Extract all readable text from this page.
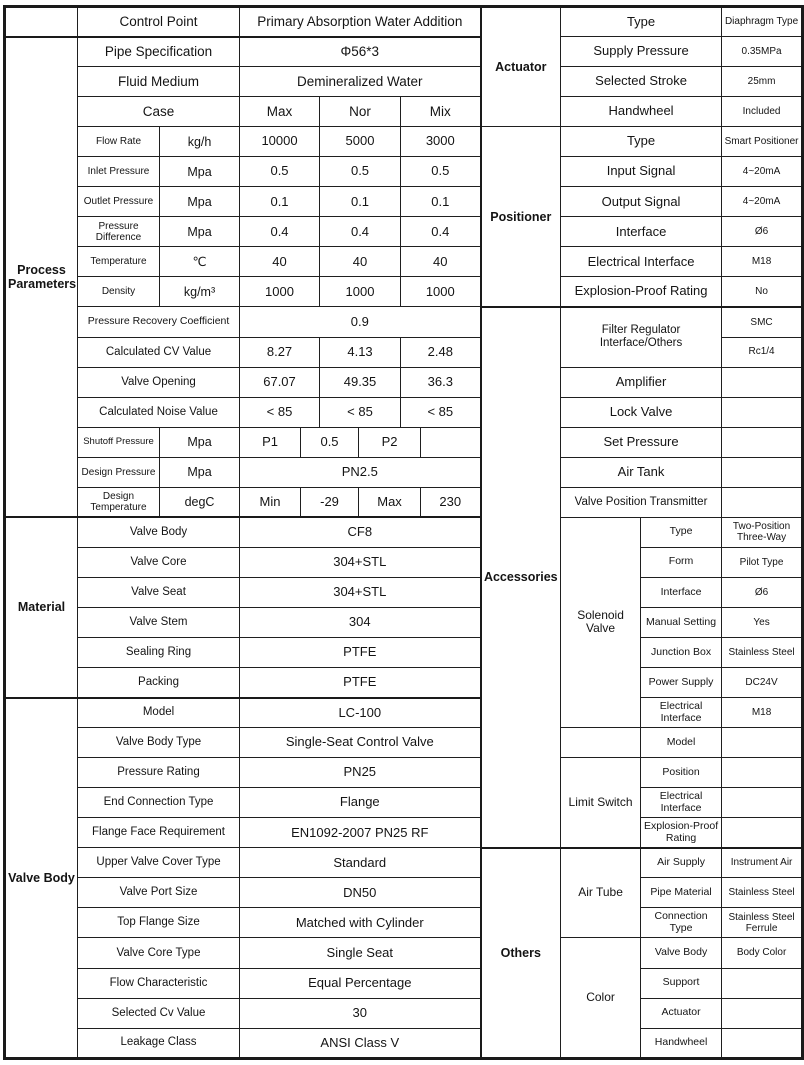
	Control Point		Primary Absorption Water Addition						Actuator	Type		Diaphragm Type
Process Parameters	Pipe Specification		Φ56*3							Supply Pressure		0.35MPa
	Fluid Medium		Demineralized Water							Selected Stroke		25mm
	Case		Max		Nor		Mix			Handwheel		Included
	Flow Rate	kg/h	10000		5000		3000		Positioner	Type		Smart Positioner
	Inlet Pressure	Mpa	0.5		0.5		0.5			Input Signal		4~20mA
	Outlet Pressure	Mpa	0.1		0.1		0.1			Output Signal		4~20mA
	Pressure Difference	Mpa	0.4		0.4		0.4			Interface		Ø6
	Temperature	℃	40		40		40			Electrical Interface		M18
	Density	kg/m³	1000		1000		1000			Explosion-Proof Rating		No
	Pressure Recovery Coefficient		0.9						Accessories	Filter Regulator Interface/Others		SMC
	Calculated CV Value		8.27		4.13		2.48					Rc1/4
	Valve Opening		67.07		49.35		36.3			Amplifier		
	Calculated Noise Value		< 85		< 85		< 85			Lock Valve		
	Shutoff Pressure	Mpa	P1	0.5		P2				Set Pressure		
	Design Pressure	Mpa	PN2.5							Air Tank		
	Design Temperature	degC	Min	-29		Max		230		Valve Position Transmitter		
Material	Valve Body		CF8							Solenoid Valve	Type	Two-Position Three-Way
	Valve Core		304+STL								Form	Pilot Type
	Valve Seat		304+STL								Interface	Ø6
	Valve Stem		304								Manual Setting	Yes
	Sealing Ring		PTFE								Junction Box	Stainless Steel
	Packing		PTFE								Power Supply	DC24V
Valve Body	Model		LC-100								Electrical Interface	M18
	Valve Body Type		Single-Seat Control Valve								Model	
	Pressure Rating		PN25							Limit Switch	Position	
	End Connection Type		Flange								Electrical Interface	
	Flange Face Requirement		EN1092-2007 PN25 RF								Explosion-Proof Rating	
	Upper Valve Cover Type		Standard						Others	Air Tube	Air Supply	Instrument Air
	Valve Port Size		DN50								Pipe Material	Stainless Steel
	Top Flange Size		Matched with Cylinder								Connection Type	Stainless Steel Ferrule
	Valve Core Type		Single Seat							Color	Valve Body	Body Color
	Flow Characteristic		Equal Percentage								Support	
	Selected Cv Value		30								Actuator	
	Leakage Class		ANSI Class V								Handwheel	
